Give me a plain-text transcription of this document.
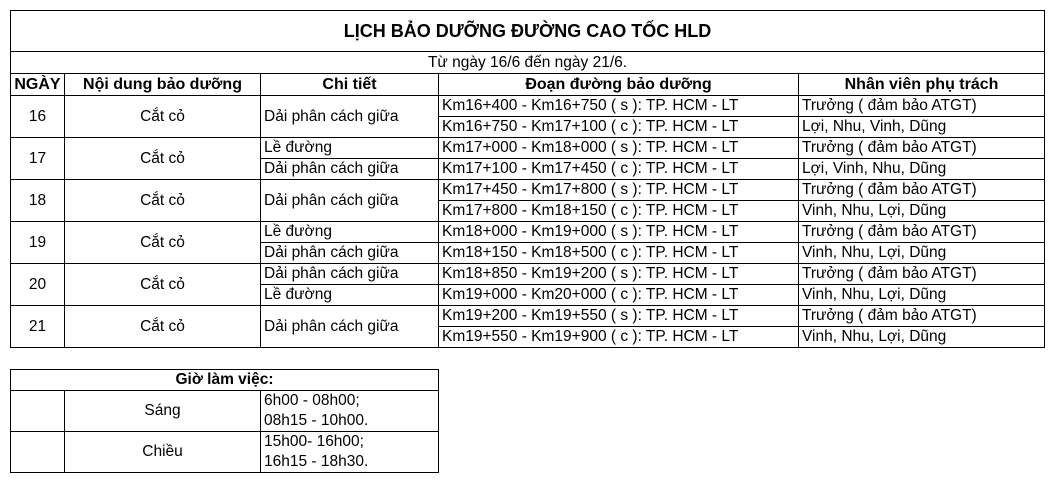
LỊCH BẢO DƯỠNG ĐƯỜNG CAO TỐC HLD				
Từ ngày 16/6 đến ngày 21/6.				
NGÀY	Nội dung bảo dưỡng	Chi tiết	Đoạn đường bảo dưỡng	Nhân viên phụ trách
16	Cắt cỏ	Dải phân cách giữa	Km16+400 - Km16+750 ( s ): TP. HCM - LT	Trưởng ( đảm bảo ATGT)
			Km16+750 - Km17+100 ( c ): TP. HCM - LT	Lợi, Nhu, Vinh, Dũng
17	Cắt cỏ	Lề đường	Km17+000 - Km18+000 ( s ): TP. HCM - LT	Trưởng ( đảm bảo ATGT)
		Dải phân cách giữa	Km17+100 - Km17+450 ( c ): TP. HCM - LT	Lợi, Vinh, Nhu, Dũng
18	Cắt cỏ	Dải phân cách giữa	Km17+450 - Km17+800 ( s ): TP. HCM - LT	Trưởng ( đảm bảo ATGT)
			Km17+800 - Km18+150 ( c ): TP. HCM - LT	Vinh, Nhu, Lợi, Dũng
19	Cắt cỏ	Lề đường	Km18+000 - Km19+000 ( s ): TP. HCM - LT	Trưởng ( đảm bảo ATGT)
		Dải phân cách giữa	Km18+150 - Km18+500 ( c ): TP. HCM - LT	Vinh, Nhu, Lợi, Dũng
20	Cắt cỏ	Dải phân cách giữa	Km18+850 - Km19+200 ( s ): TP. HCM - LT	Trưởng ( đảm bảo ATGT)
		Lề đường	Km19+000 - Km20+000 ( c ): TP. HCM - LT	Vinh, Nhu, Lợi, Dũng
21	Cắt cỏ	Dải phân cách giữa	Km19+200 - Km19+550 ( s ): TP. HCM - LT	Trưởng ( đảm bảo ATGT)
			Km19+550 - Km19+900 ( c ): TP. HCM - LT	Vinh, Nhu, Lợi, Dũng
Giờ làm việc:		
	Sáng	6h00 - 08h00;
		08h15 - 10h00.
	Chiều	15h00- 16h00;
		16h15 - 18h30.
